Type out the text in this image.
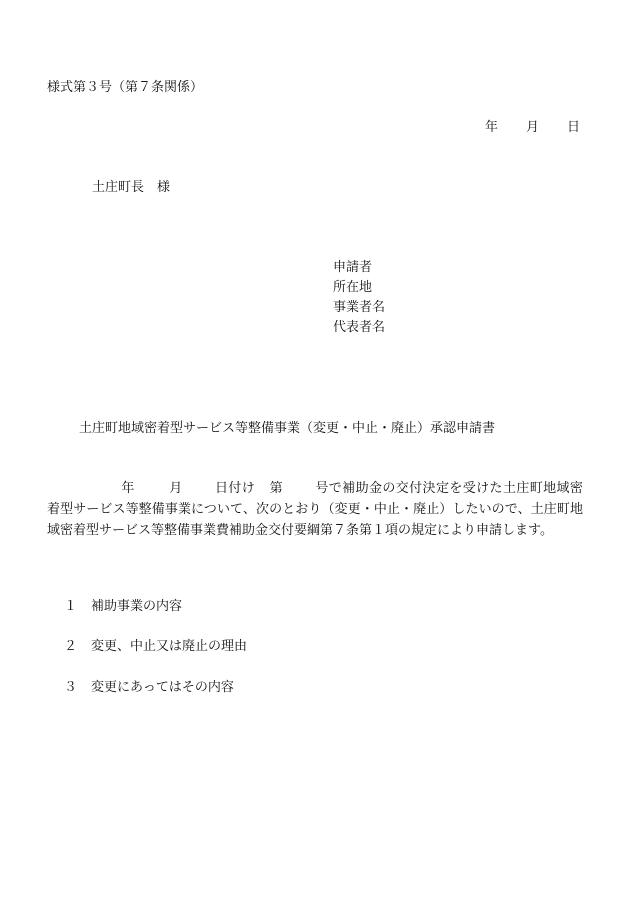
様式第３号（第７条関係）
年 月 日
土庄町長　様
申請者
所在地
事業者名
代表者名
土庄町地域密着型サービス等整備事業（変更・中止・廃止）承認申請書
年	月 日付け 第 号で補助金の交付決定を受けた土庄町地域密着型サービス等整備事業について、次のとおり（変更・中止・廃止）したいので、土庄町地域密着型サービス等整備事業費補助金交付要綱第７条第１項の規定により申請します。
１ 補助事業の内容
２ 変更、中止又は廃止の理由
３ 変更にあってはその内容
